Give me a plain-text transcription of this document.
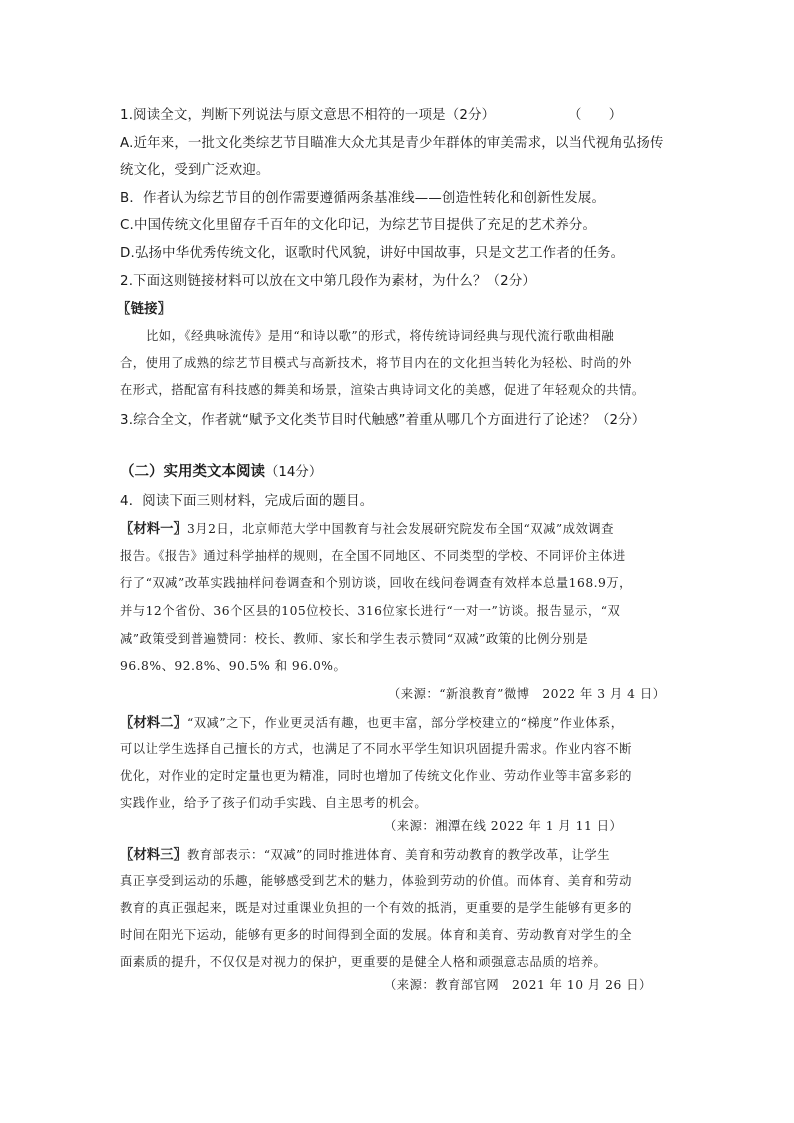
1.阅读全文，判断下列说法与原文意思不相符的一项是（2分）	（　　）
A.近年来，一批文化类综艺节目瞄准大众尤其是青少年群体的审美需求，以当代视角弘扬传
统文化，受到广泛欢迎。
B．作者认为综艺节目的创作需要遵循两条基准线——创造性转化和创新性发展。
C.中国传统文化里留存千百年的文化印记，为综艺节目提供了充足的艺术养分。
D.弘扬中华优秀传统文化，讴歌时代风貌，讲好中国故事，只是文艺工作者的任务。
2.下面这则链接材料可以放在文中第几段作为素材，为什么？（2分）
〖链接〗
比如，《经典咏流传》是用“和诗以歌”的形式，将传统诗词经典与现代流行歌曲相融
合，使用了成熟的综艺节目模式与高新技术，将节目内在的文化担当转化为轻松、时尚的外
在形式，搭配富有科技感的舞美和场景，渲染古典诗词文化的美感，促进了年轻观众的共情。
3.综合全文，作者就“赋予文化类节目时代触感”着重从哪几个方面进行了论述？（2分）
（二）实用类文本阅读（14分）
4．阅读下面三则材料，完成后面的题目。
〖材料一〗3月2日，北京师范大学中国教育与社会发展研究院发布全国“双减”成效调查
报告。《报告》通过科学抽样的规则，在全国不同地区、不同类型的学校、不同评价主体进
行了“双减”改革实践抽样问卷调查和个别访谈，回收在线问卷调查有效样本总量168.9万，
并与12个省份、36个区县的105位校长、316位家长进行“一对一”访谈。报告显示，“双
减”政策受到普遍赞同：校长、教师、家长和学生表示赞同“双减”政策的比例分别是
96.8%、92.8%、90.5% 和 96.0%。
（来源：“新浪教育”微博　2022 年 3 月 4 日）
〖材料二〗“双减”之下，作业更灵活有趣，也更丰富，部分学校建立的“梯度”作业体系，
可以让学生选择自己擅长的方式，也满足了不同水平学生知识巩固提升需求。作业内容不断
优化，对作业的定时定量也更为精准，同时也增加了传统文化作业、劳动作业等丰富多彩的
实践作业，给予了孩子们动手实践、自主思考的机会。
（来源：湘潭在线 2022 年 1 月 11 日）
〖材料三〗教育部表示：“双减”的同时推进体育、美育和劳动教育的教学改革，让学生
真正享受到运动的乐趣，能够感受到艺术的魅力，体验到劳动的价值。而体育、美育和劳动
教育的真正强起来，既是对过重课业负担的一个有效的抵消，更重要的是学生能够有更多的
时间在阳光下运动，能够有更多的时间得到全面的发展。体育和美育、劳动教育对学生的全
面素质的提升，不仅仅是对视力的保护，更重要的是健全人格和顽强意志品质的培养。
（来源：教育部官网　2021 年 10 月 26 日）
